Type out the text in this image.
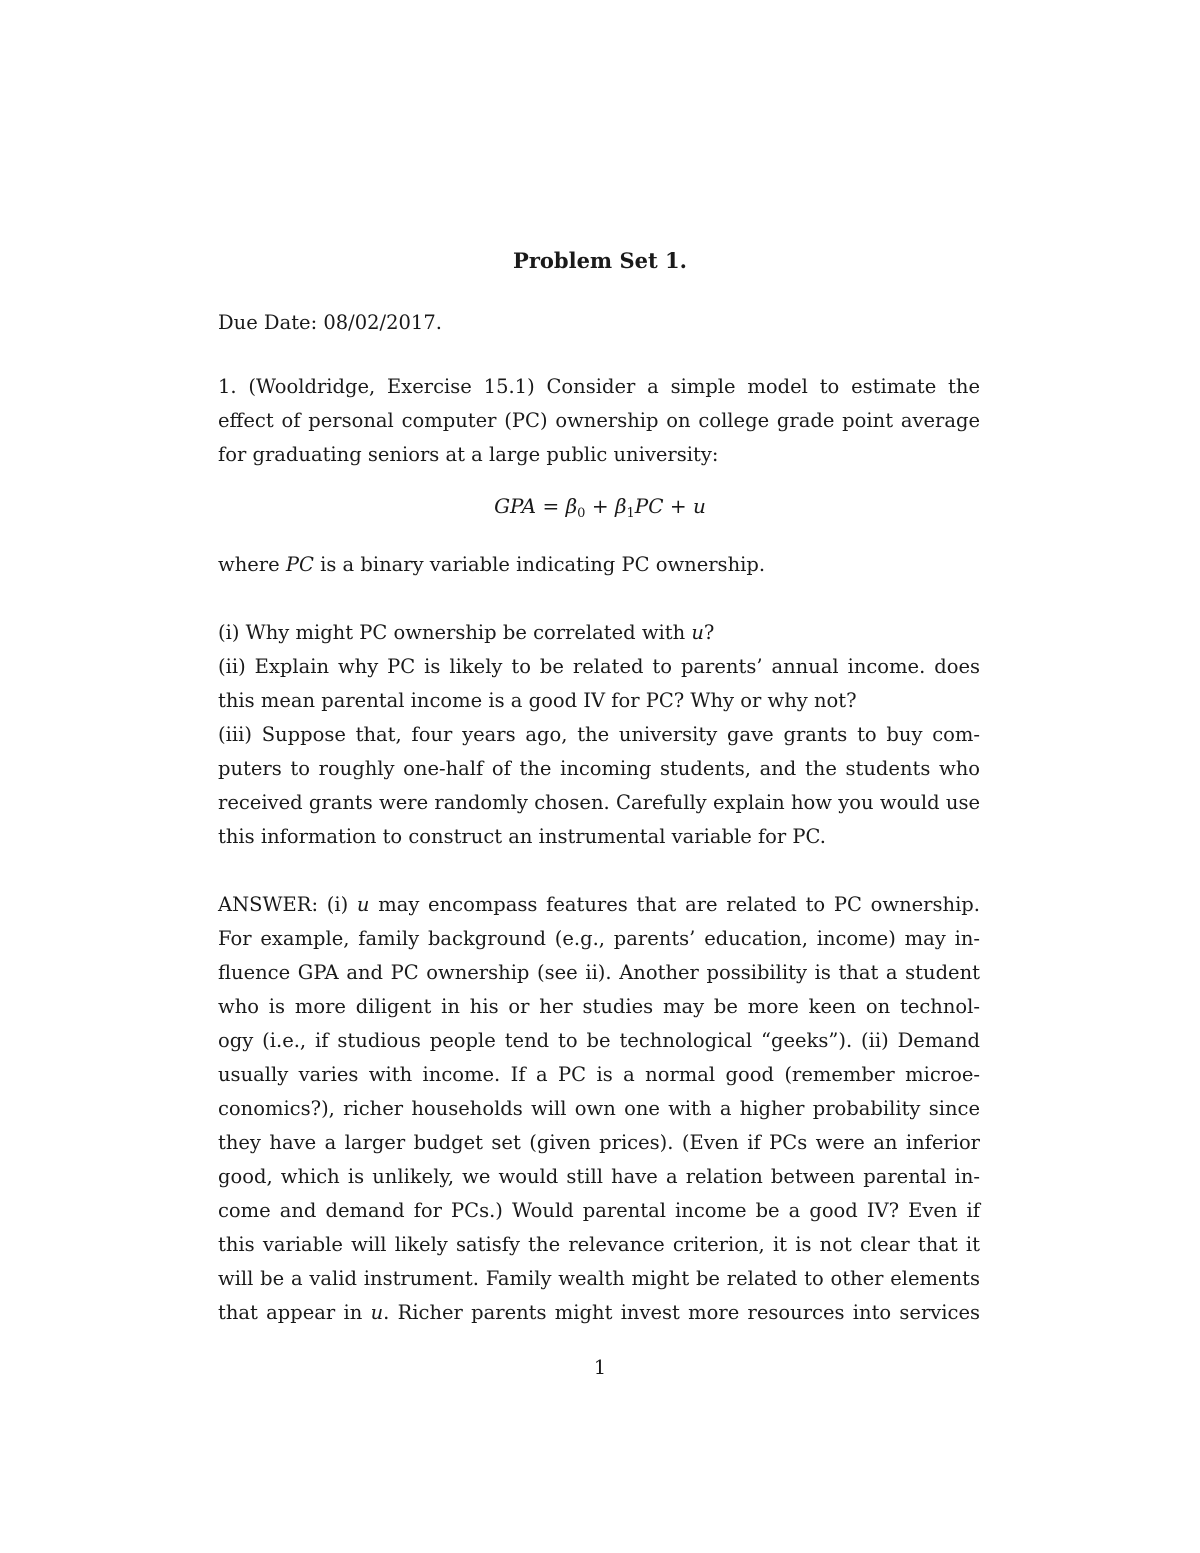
Problem Set 1.
Due Date: 08/02/2017.
1. (Wooldridge, Exercise 15.1) Consider a simple model to estimate the
effect of personal computer (PC) ownership on college grade point average
for graduating seniors at a large public university:
GPA = $\beta_0 + \beta_1PC + u$
where PC is a binary variable indicating PC ownership.
(i) Why might PC ownership be correlated with u?
(ii) Explain why PC is likely to be related to parents’ annual income. does
this mean parental income is a good IV for PC? Why or why not?
(iii) Suppose that, four years ago, the university gave grants to buy com-
puters to roughly one-half of the incoming students, and the students who
received grants were randomly chosen. Carefully explain how you would use
this information to construct an instrumental variable for PC.
ANSWER: (i) u may encompass features that are related to PC ownership.
For example, family background (e.g., parents’ education, income) may in-
fluence GPA and PC ownership (see ii). Another possibility is that a student
who is more diligent in his or her studies may be more keen on technol-
ogy (i.e., if studious people tend to be technological “geeks”). (ii) Demand
usually varies with income. If a PC is a normal good (remember microe-
conomics?), richer households will own one with a higher probability since
they have a larger budget set (given prices). (Even if PCs were an inferior
good, which is unlikely, we would still have a relation between parental in-
come and demand for PCs.) Would parental income be a good IV? Even if
this variable will likely satisfy the relevance criterion, it is not clear that it
will be a valid instrument. Family wealth might be related to other elements
that appear in u. Richer parents might invest more resources into services
1
